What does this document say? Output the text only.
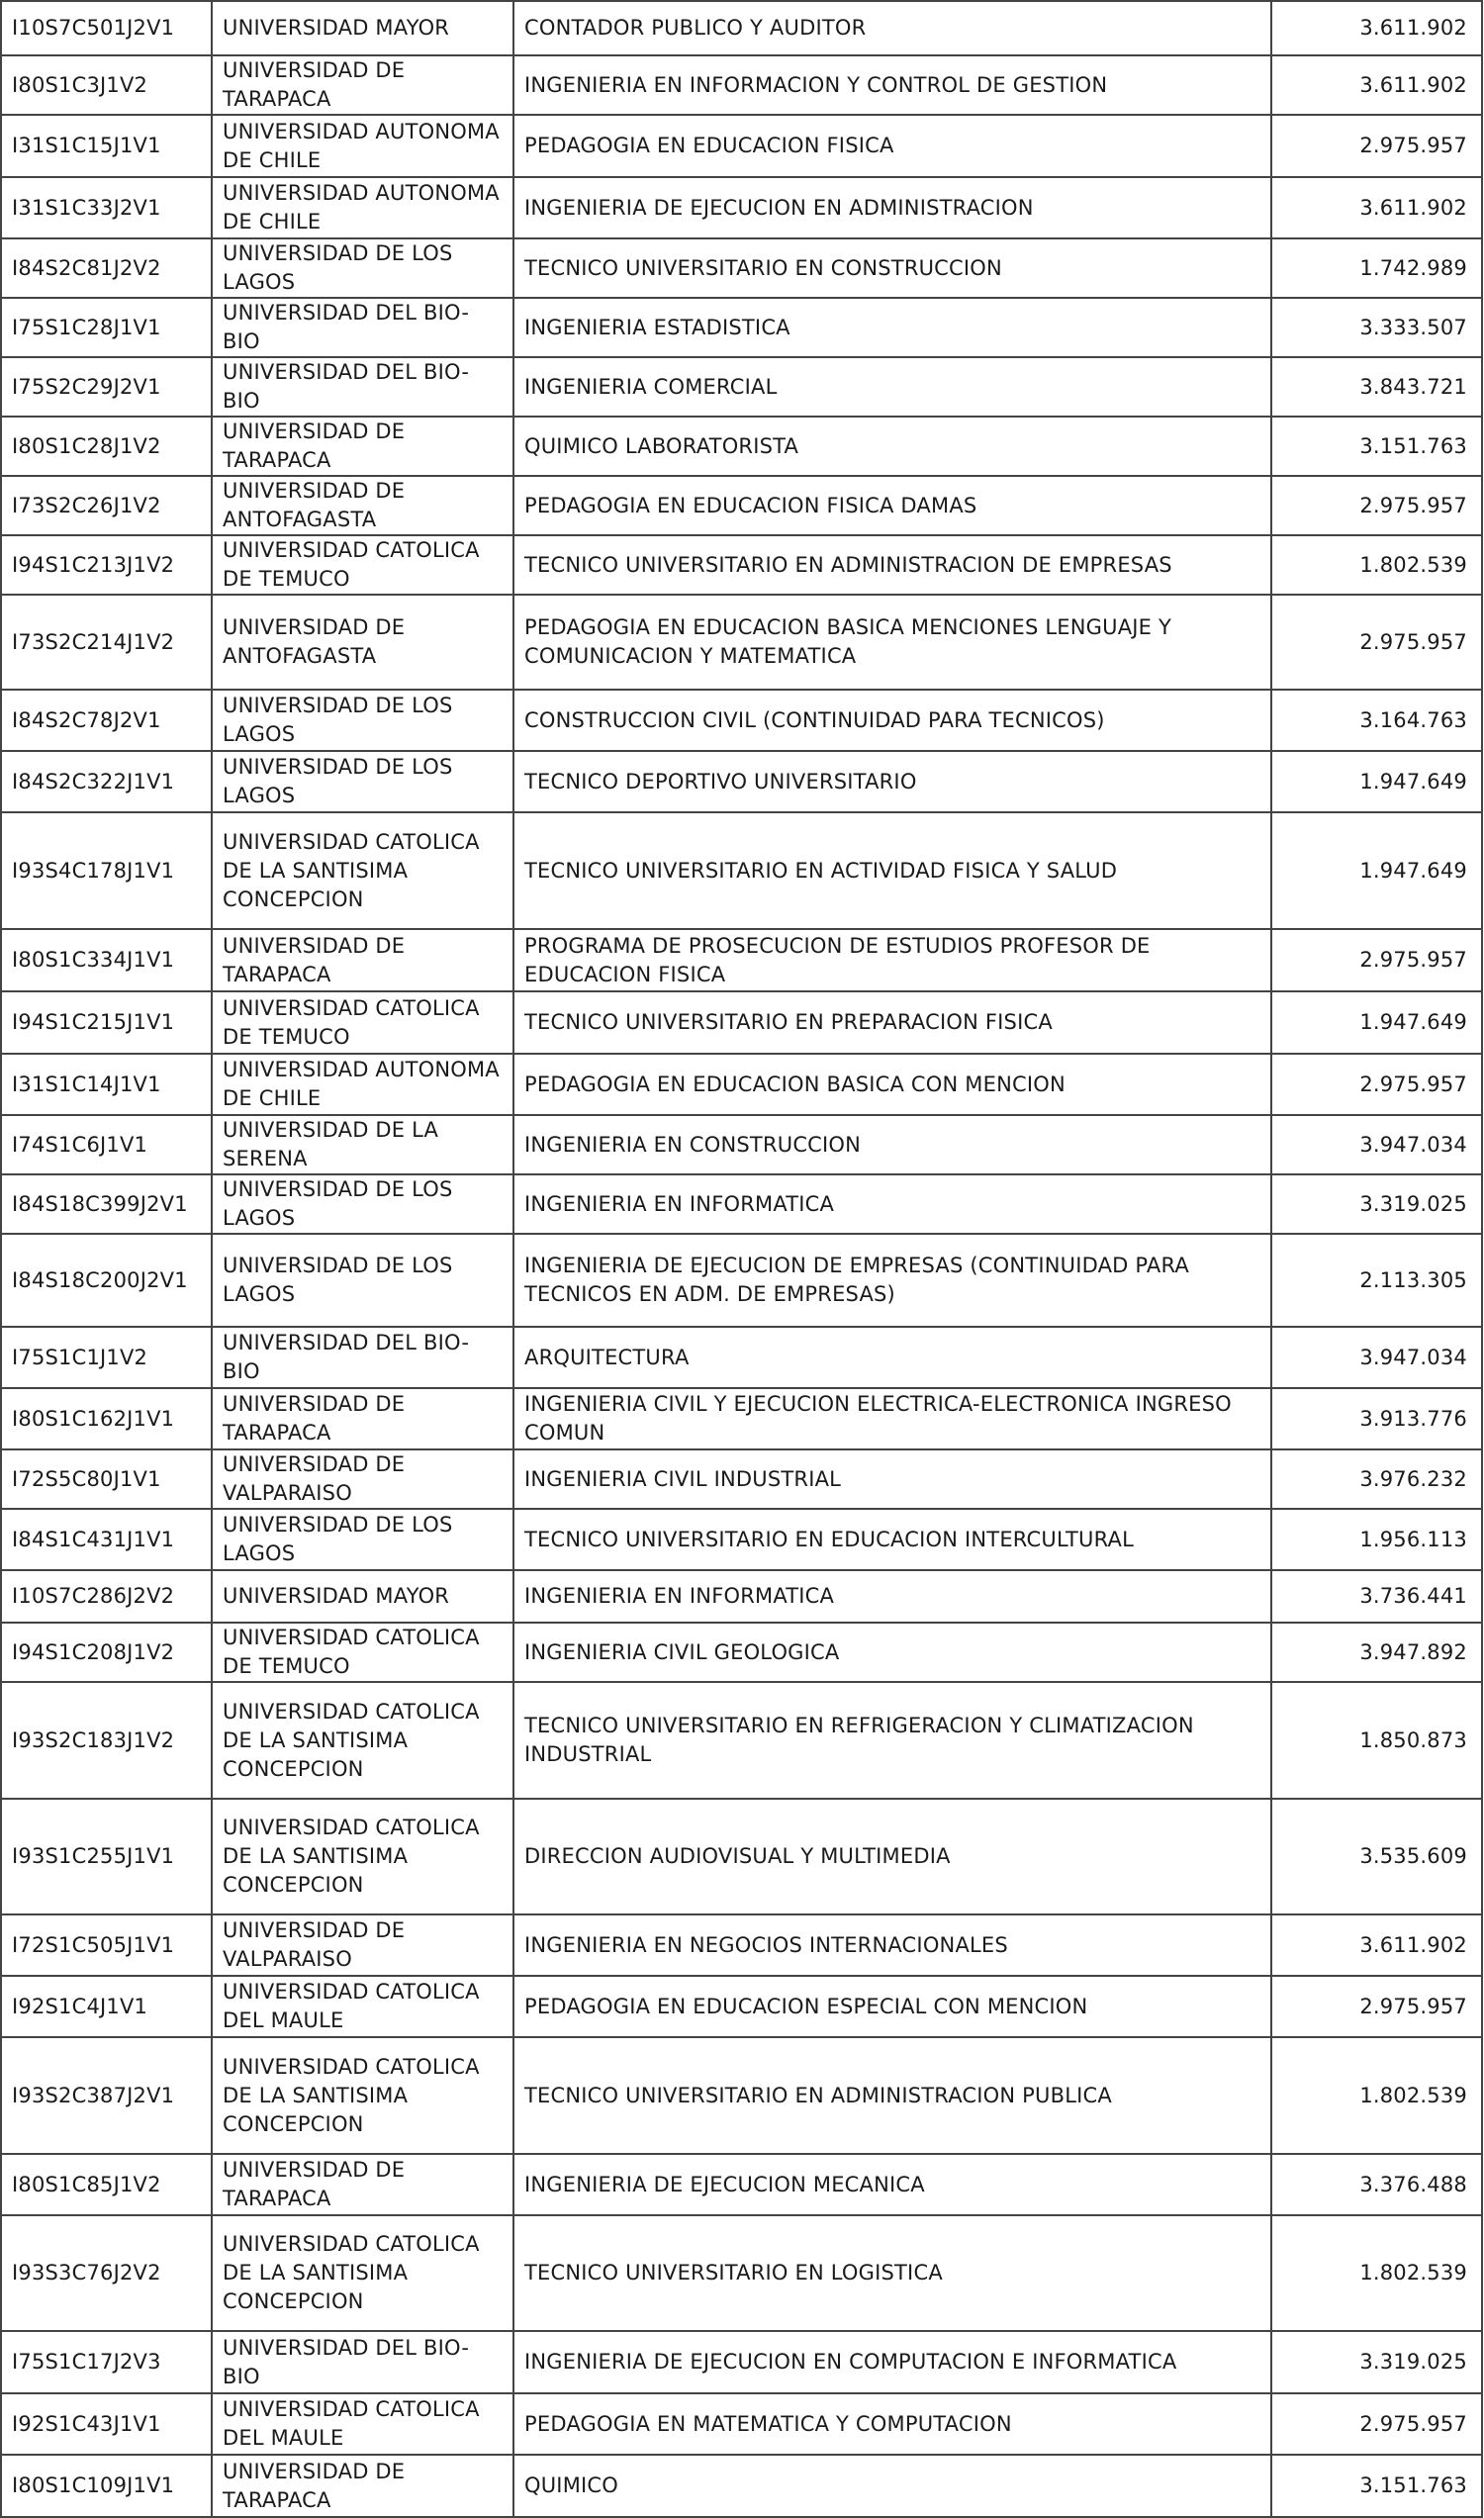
I10S7C501J2V1	UNIVERSIDAD MAYOR	CONTADOR PUBLICO Y AUDITOR	3.611.902
I80S1C3J1V2	UNIVERSIDAD DE TARAPACA	INGENIERIA EN INFORMACION Y CONTROL DE GESTION	3.611.902
I31S1C15J1V1	UNIVERSIDAD AUTONOMA DE CHILE	PEDAGOGIA EN EDUCACION FISICA	2.975.957
I31S1C33J2V1	UNIVERSIDAD AUTONOMA DE CHILE	INGENIERIA DE EJECUCION EN ADMINISTRACION	3.611.902
I84S2C81J2V2	UNIVERSIDAD DE LOS LAGOS	TECNICO UNIVERSITARIO EN CONSTRUCCION	1.742.989
I75S1C28J1V1	UNIVERSIDAD DEL BIO-BIO	INGENIERIA ESTADISTICA	3.333.507
I75S2C29J2V1	UNIVERSIDAD DEL BIO-BIO	INGENIERIA COMERCIAL	3.843.721
I80S1C28J1V2	UNIVERSIDAD DE TARAPACA	QUIMICO LABORATORISTA	3.151.763
I73S2C26J1V2	UNIVERSIDAD DE ANTOFAGASTA	PEDAGOGIA EN EDUCACION FISICA DAMAS	2.975.957
I94S1C213J1V2	UNIVERSIDAD CATOLICA DE TEMUCO	TECNICO UNIVERSITARIO EN ADMINISTRACION DE EMPRESAS	1.802.539
I73S2C214J1V2	UNIVERSIDAD DE ANTOFAGASTA	PEDAGOGIA EN EDUCACION BASICA MENCIONES LENGUAJE Y COMUNICACION Y MATEMATICA	2.975.957
I84S2C78J2V1	UNIVERSIDAD DE LOS LAGOS	CONSTRUCCION CIVIL (CONTINUIDAD PARA TECNICOS)	3.164.763
I84S2C322J1V1	UNIVERSIDAD DE LOS LAGOS	TECNICO DEPORTIVO UNIVERSITARIO	1.947.649
I93S4C178J1V1	UNIVERSIDAD CATOLICA DE LA SANTISIMA CONCEPCION	TECNICO UNIVERSITARIO EN ACTIVIDAD FISICA Y SALUD	1.947.649
I80S1C334J1V1	UNIVERSIDAD DE TARAPACA	PROGRAMA DE PROSECUCION DE ESTUDIOS PROFESOR DE EDUCACION FISICA	2.975.957
I94S1C215J1V1	UNIVERSIDAD CATOLICA DE TEMUCO	TECNICO UNIVERSITARIO EN PREPARACION FISICA	1.947.649
I31S1C14J1V1	UNIVERSIDAD AUTONOMA DE CHILE	PEDAGOGIA EN EDUCACION BASICA CON MENCION	2.975.957
I74S1C6J1V1	UNIVERSIDAD DE LA SERENA	INGENIERIA EN CONSTRUCCION	3.947.034
I84S18C399J2V1	UNIVERSIDAD DE LOS LAGOS	INGENIERIA EN INFORMATICA	3.319.025
I84S18C200J2V1	UNIVERSIDAD DE LOS LAGOS	INGENIERIA DE EJECUCION DE EMPRESAS (CONTINUIDAD PARA TECNICOS EN ADM. DE EMPRESAS)	2.113.305
I75S1C1J1V2	UNIVERSIDAD DEL BIO-BIO	ARQUITECTURA	3.947.034
I80S1C162J1V1	UNIVERSIDAD DE TARAPACA	INGENIERIA CIVIL Y EJECUCION ELECTRICA-ELECTRONICA INGRESO COMUN	3.913.776
I72S5C80J1V1	UNIVERSIDAD DE VALPARAISO	INGENIERIA CIVIL INDUSTRIAL	3.976.232
I84S1C431J1V1	UNIVERSIDAD DE LOS LAGOS	TECNICO UNIVERSITARIO EN EDUCACION INTERCULTURAL	1.956.113
I10S7C286J2V2	UNIVERSIDAD MAYOR	INGENIERIA EN INFORMATICA	3.736.441
I94S1C208J1V2	UNIVERSIDAD CATOLICA DE TEMUCO	INGENIERIA CIVIL GEOLOGICA	3.947.892
I93S2C183J1V2	UNIVERSIDAD CATOLICA DE LA SANTISIMA CONCEPCION	TECNICO UNIVERSITARIO EN REFRIGERACION Y CLIMATIZACION INDUSTRIAL	1.850.873
I93S1C255J1V1	UNIVERSIDAD CATOLICA DE LA SANTISIMA CONCEPCION	DIRECCION AUDIOVISUAL Y MULTIMEDIA	3.535.609
I72S1C505J1V1	UNIVERSIDAD DE VALPARAISO	INGENIERIA EN NEGOCIOS INTERNACIONALES	3.611.902
I92S1C4J1V1	UNIVERSIDAD CATOLICA DEL MAULE	PEDAGOGIA EN EDUCACION ESPECIAL CON MENCION	2.975.957
I93S2C387J2V1	UNIVERSIDAD CATOLICA DE LA SANTISIMA CONCEPCION	TECNICO UNIVERSITARIO EN ADMINISTRACION PUBLICA	1.802.539
I80S1C85J1V2	UNIVERSIDAD DE TARAPACA	INGENIERIA DE EJECUCION MECANICA	3.376.488
I93S3C76J2V2	UNIVERSIDAD CATOLICA DE LA SANTISIMA CONCEPCION	TECNICO UNIVERSITARIO EN LOGISTICA	1.802.539
I75S1C17J2V3	UNIVERSIDAD DEL BIO-BIO	INGENIERIA DE EJECUCION EN COMPUTACION E INFORMATICA	3.319.025
I92S1C43J1V1	UNIVERSIDAD CATOLICA DEL MAULE	PEDAGOGIA EN MATEMATICA Y COMPUTACION	2.975.957
I80S1C109J1V1	UNIVERSIDAD DE TARAPACA	QUIMICO	3.151.763
